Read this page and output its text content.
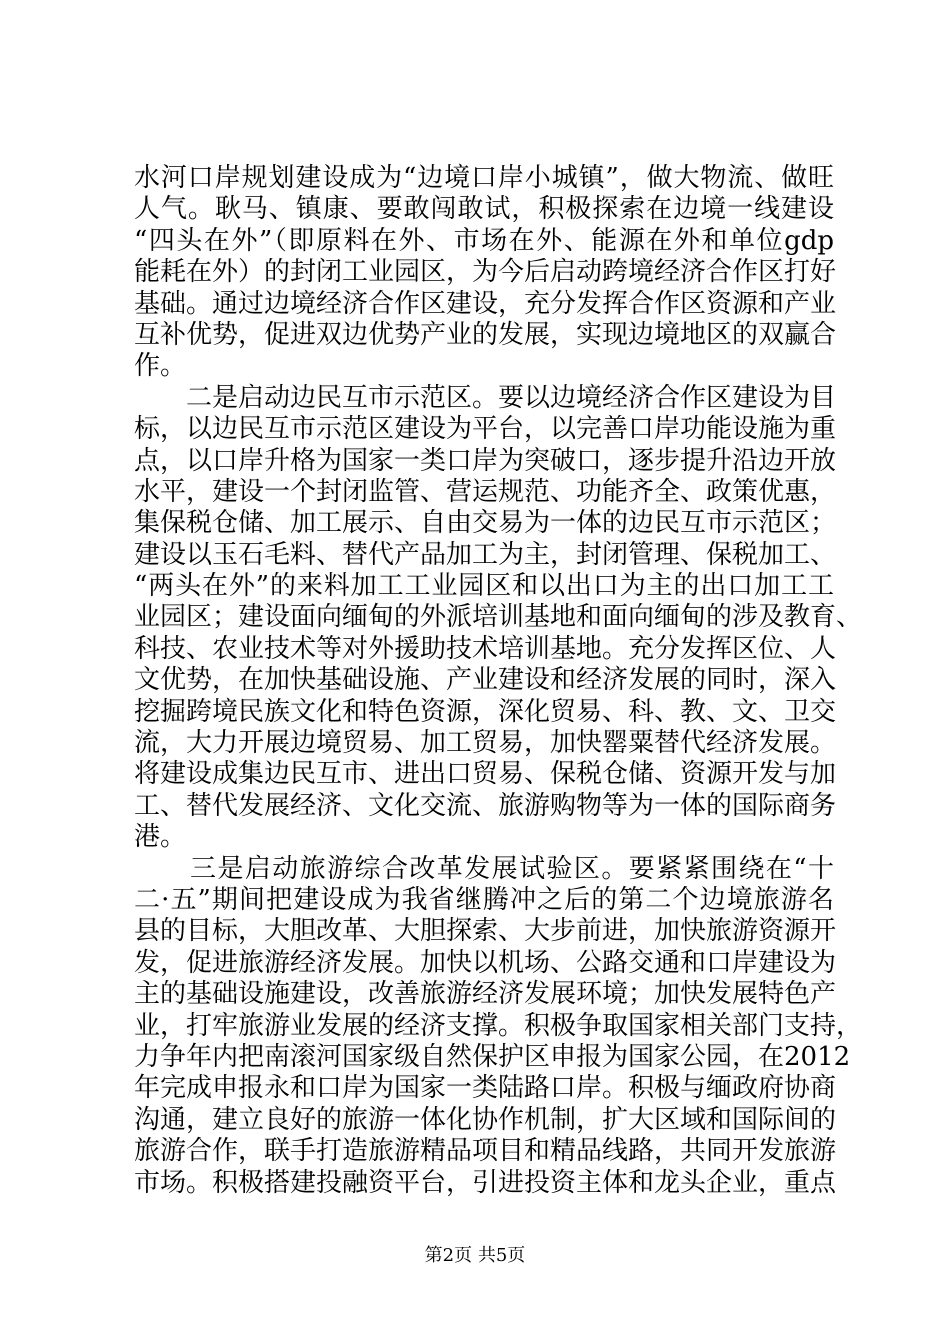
水河口岸规划建设成为“边境口岸小城镇”，做大物流、做旺
人气。耿马、镇康、要敢闯敢试，积极探索在边境一线建设
“四头在外”（即原料在外、市场在外、能源在外和单位gdp
能耗在外）的封闭工业园区，为今后启动跨境经济合作区打好
基础。通过边境经济合作区建设，充分发挥合作区资源和产业
互补优势，促进双边优势产业的发展，实现边境地区的双赢合
作。
二是启动边民互市示范区。要以边境经济合作区建设为目
标，以边民互市示范区建设为平台，以完善口岸功能设施为重
点，以口岸升格为国家一类口岸为突破口，逐步提升沿边开放
水平，建设一个封闭监管、营运规范、功能齐全、政策优惠，
集保税仓储、加工展示、自由交易为一体的边民互市示范区；
建设以玉石毛料、替代产品加工为主，封闭管理、保税加工、
“两头在外”的来料加工工业园区和以出口为主的出口加工工
业园区；建设面向缅甸的外派培训基地和面向缅甸的涉及教育、
科技、农业技术等对外援助技术培训基地。充分发挥区位、人
文优势，在加快基础设施、产业建设和经济发展的同时，深入
挖掘跨境民族文化和特色资源，深化贸易、科、教、文、卫交
流，大力开展边境贸易、加工贸易，加快罂粟替代经济发展。
将建设成集边民互市、进出口贸易、保税仓储、资源开发与加
工、替代发展经济、文化交流、旅游购物等为一体的国际商务
港。
三是启动旅游综合改革发展试验区。要紧紧围绕在“十
二·五”期间把建设成为我省继腾冲之后的第二个边境旅游名
县的目标，大胆改革、大胆探索、大步前进，加快旅游资源开
发，促进旅游经济发展。加快以机场、公路交通和口岸建设为
主的基础设施建设，改善旅游经济发展环境；加快发展特色产
业，打牢旅游业发展的经济支撑。积极争取国家相关部门支持，
力争年内把南滚河国家级自然保护区申报为国家公园，在2012
年完成申报永和口岸为国家一类陆路口岸。积极与缅政府协商
沟通，建立良好的旅游一体化协作机制，扩大区域和国际间的
旅游合作，联手打造旅游精品项目和精品线路，共同开发旅游
市场。积极搭建投融资平台，引进投资主体和龙头企业，重点
第2页 共5页
